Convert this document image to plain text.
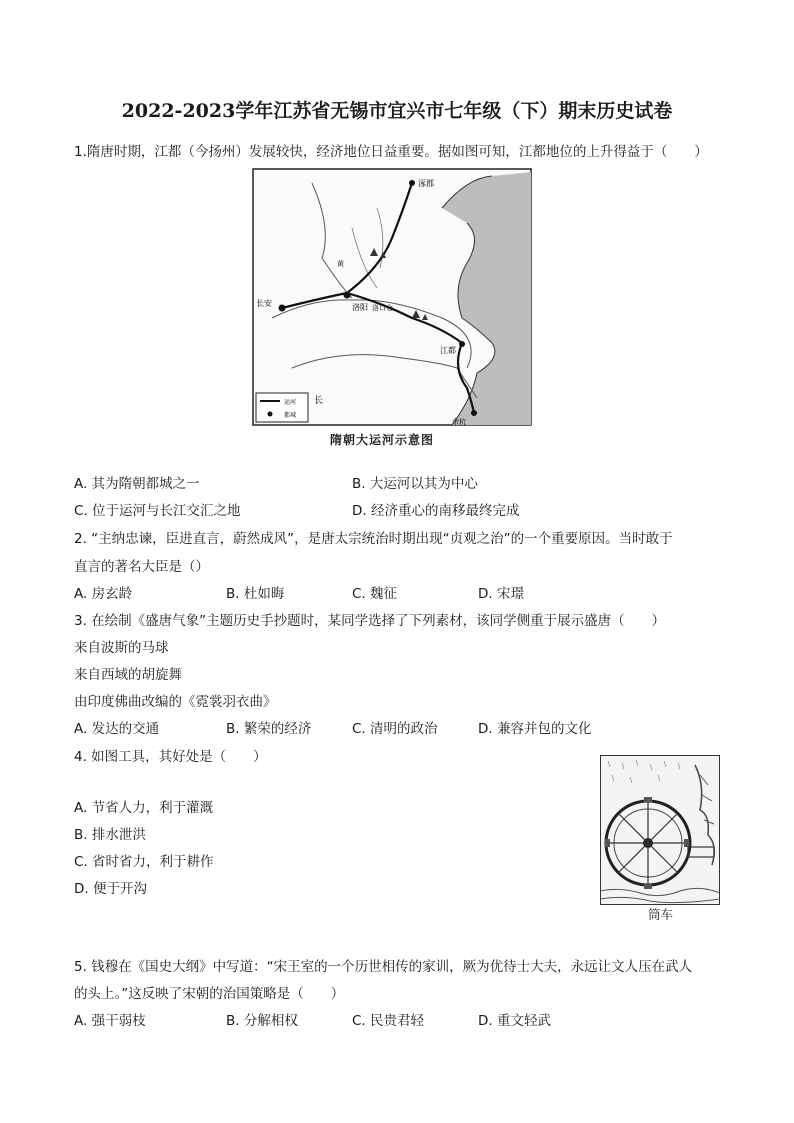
2022-2023学年江苏省无锡市宜兴市七年级（下）期末历史试卷
1.隋唐时期，江都（今扬州）发展较快，经济地位日益重要。据如图可知，江都地位的上升得益于（　　）
涿郡
长安	洛阳 洛口仓
江都
余杭
长
黄
运河
都城
隋朝大运河示意图
A. 其为隋朝都城之一	B. 大运河以其为中心
C. 位于运河与长江交汇之地	D. 经济重心的南移最终完成
2. “主纳忠谏，臣进直言，蔚然成风”，是唐太宗统治时期出现“贞观之治”的一个重要原因。当时敢于
直言的著名大臣是（）
A. 房玄龄	B. 杜如晦	C. 魏征	D. 宋璟
3. 在绘制《盛唐气象”主题历史手抄题时，某同学选择了下列素材，该同学侧重于展示盛唐（　　）
来自波斯的马球
来自西域的胡旋舞
由印度佛曲改编的《霓裳羽衣曲》
A. 发达的交通	B. 繁荣的经济	C. 清明的政治	D. 兼容并包的文化
4. 如图工具，其好处是（　　）
A. 节省人力，利于灌溉
B. 排水泄洪
C. 省时省力，利于耕作
D. 便于开沟
筒车
5. 钱穆在《国史大纲》中写道：“宋王室的一个历世相传的家训，厥为优待士大夫，永远让文人压在武人
的头上。”这反映了宋朝的治国策略是（　　）
A. 强干弱枝	B. 分解相权	C. 民贵君轻	D. 重文轻武
